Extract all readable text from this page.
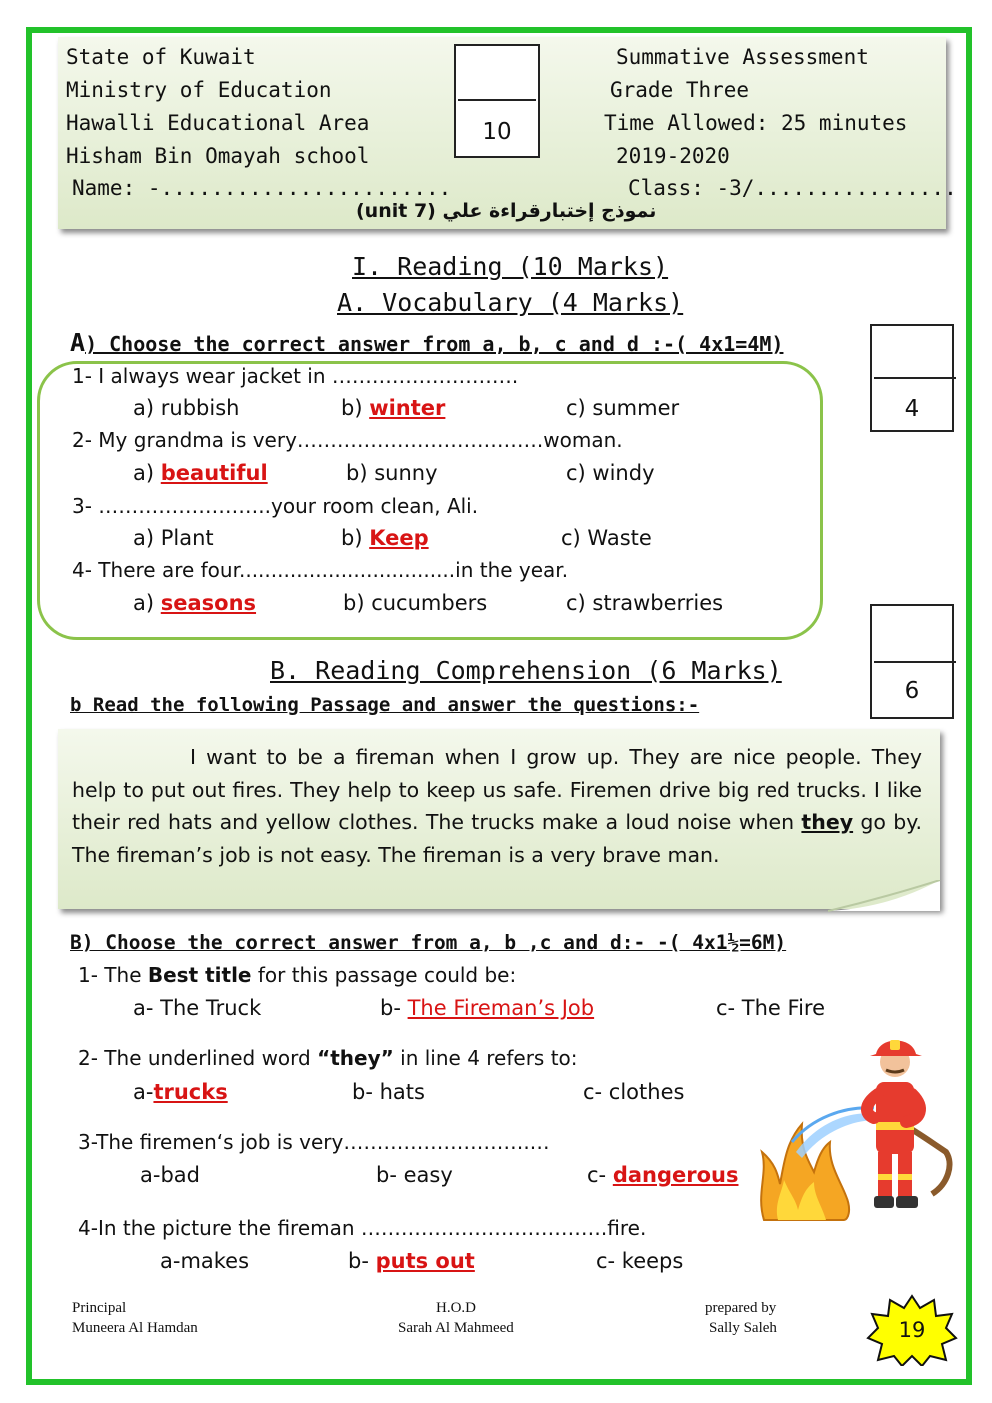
State of Kuwait
Ministry of Education
Hawalli Educational Area
Hisham Bin Omayah school
Name: -.......................
Summative Assessment
Grade Three
Time Allowed: 25 minutes
2019-2020
Class: -3/................
(unit 7) نموذج إختبارقراءة علي
10
I. Reading (10 Marks)
A. Vocabulary (4 Marks)
A) Choose the correct answer from a, b, c and d :-( 4x1=4M)
4
1- I always wear jacket in ……………………….
a) rubbish	b) winter	c) summer
2- My grandma is very……………………………….woman.
a) beautiful	b) sunny	c) windy
3- ……………………..your room clean, Ali.
a) Plant	b) Keep	c) Waste
4- There are four..................................in the year.
a) seasons	b) cucumbers	c) strawberries
B. Reading Comprehension (6 Marks)
b Read the following Passage and answer the questions:-
6
I want to be a fireman when I grow up. They are nice people. They help to put out fires. They help to keep us safe. Firemen drive big red trucks. I like their red hats and yellow clothes. The trucks make a loud noise when they go by. The fireman’s job is not easy. The fireman is a very brave man.
B) Choose the correct answer from a, b ,c and d:- -( 4x1½=6M)
1- The Best title for this passage could be:
a- The Truck	b- The Fireman’s Job	c- The Fire
2- The underlined word “they” in line 4 refers to:
a-trucks	b- hats	c- clothes
3-The firemen‘s job is very……………………….…
a-bad	b- easy	c- dangerous
4-In the picture the fireman ……………………………….fire.
a-makes	b- puts out	c- keeps
Principal
Muneera Al Hamdan
H.O.D
Sarah Al Mahmeed
prepared by
Sally Saleh	19
